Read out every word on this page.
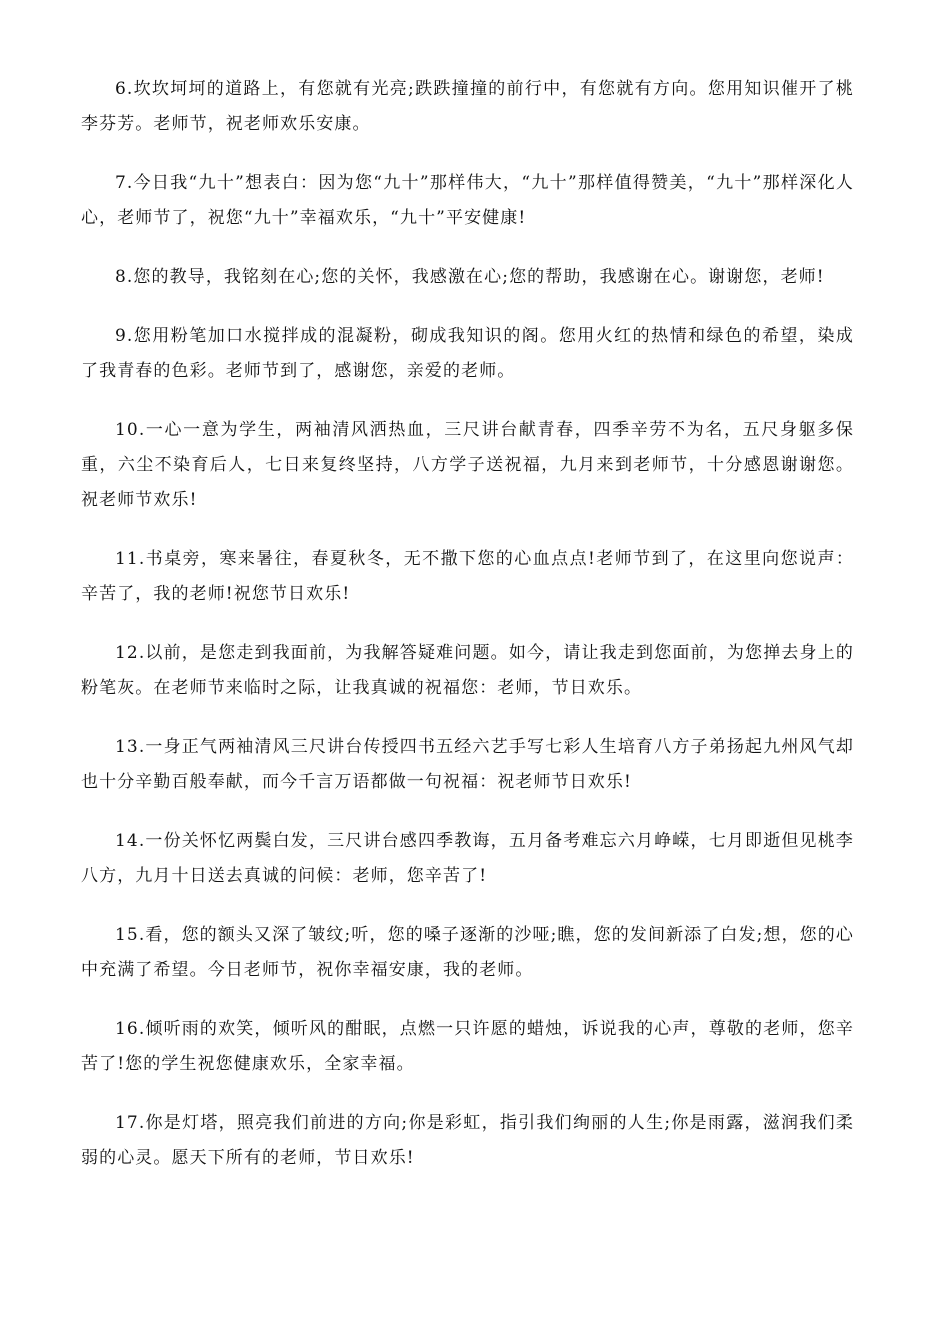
6.坎坎坷坷的道路上，有您就有光亮;跌跌撞撞的前行中，有您就有方向。您用知识催开了桃李芬芳。老师节，祝老师欢乐安康。

7.今日我“九十”想表白：因为您“九十”那样伟大，“九十”那样值得赞美，“九十”那样深化人心，老师节了，祝您“九十”幸福欢乐，“九十”平安健康!

8.您的教导，我铭刻在心;您的关怀，我感激在心;您的帮助，我感谢在心。谢谢您，老师!

9.您用粉笔加口水搅拌成的混凝粉，砌成我知识的阁。您用火红的热情和绿色的希望，染成了我青春的色彩。老师节到了，感谢您，亲爱的老师。

10.一心一意为学生，两袖清风洒热血，三尺讲台献青春，四季辛劳不为名，五尺身躯多保重，六尘不染育后人，七日来复终坚持，八方学子送祝福，九月来到老师节，十分感恩谢谢您。祝老师节欢乐!

11.书桌旁，寒来暑往，春夏秋冬，无不撒下您的心血点点!老师节到了，在这里向您说声：辛苦了，我的老师!祝您节日欢乐!

12.以前，是您走到我面前，为我解答疑难问题。如今，请让我走到您面前，为您掸去身上的粉笔灰。在老师节来临时之际，让我真诚的祝福您：老师，节日欢乐。

13.一身正气两袖清风三尺讲台传授四书五经六艺手写七彩人生培育八方子弟扬起九州风气却也十分辛勤百般奉献，而今千言万语都做一句祝福：祝老师节日欢乐!

14.一份关怀忆两鬓白发，三尺讲台感四季教诲，五月备考难忘六月峥嵘，七月即逝但见桃李八方，九月十日送去真诚的问候：老师，您辛苦了!

15.看，您的额头又深了皱纹;听，您的嗓子逐渐的沙哑;瞧，您的发间新添了白发;想，您的心中充满了希望。今日老师节，祝你幸福安康，我的老师。

16.倾听雨的欢笑，倾听风的酣眠，点燃一只许愿的蜡烛，诉说我的心声，尊敬的老师，您辛苦了!您的学生祝您健康欢乐，全家幸福。

17.你是灯塔，照亮我们前进的方向;你是彩虹，指引我们绚丽的人生;你是雨露，滋润我们柔弱的心灵。愿天下所有的老师，节日欢乐!
